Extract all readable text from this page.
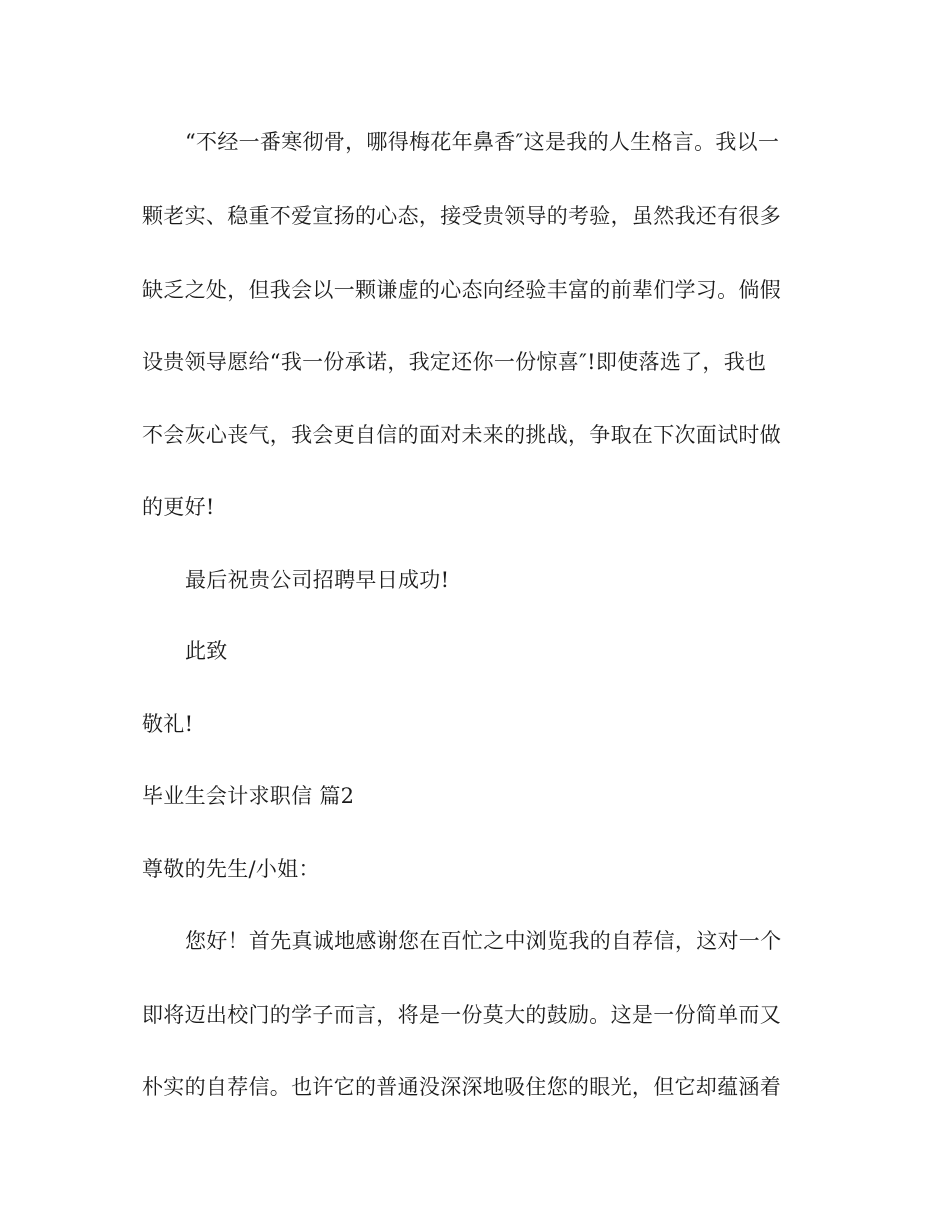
“不经一番寒彻骨，哪得梅花年鼻香″这是我的人生格言。我以一
颗老实、稳重不爱宣扬的心态，接受贵领导的考验，虽然我还有很多
缺乏之处，但我会以一颗谦虚的心态向经验丰富的前辈们学习。倘假
设贵领导愿给“我一份承诺，我定还你一份惊喜″!即使落选了，我也
不会灰心丧气，我会更自信的面对未来的挑战，争取在下次面试时做
的更好!
最后祝贵公司招聘早日成功!
此致
敬礼!
毕业生会计求职信 篇2
尊敬的先生/小姐：
您好！首先真诚地感谢您在百忙之中浏览我的自荐信，这对一个
即将迈出校门的学子而言，将是一份莫大的鼓励。这是一份简单而又
朴实的自荐信。也许它的普通没深深地吸住您的眼光，但它却蕴涵着
